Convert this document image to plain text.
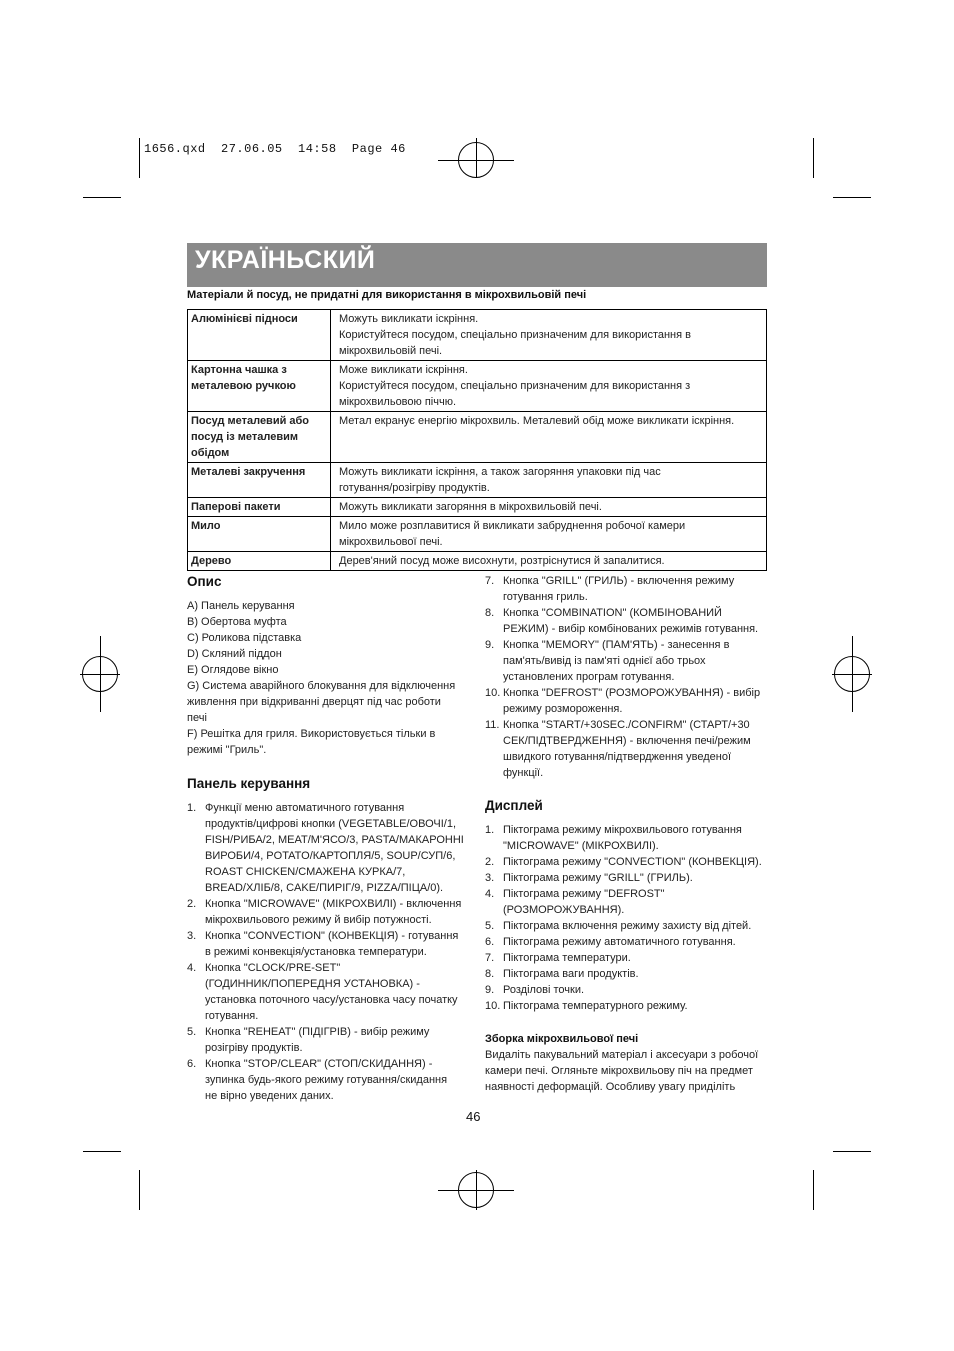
1656.qxd  27.06.05  14:58  Page 46
УКРАЇНЬСКИЙ
Матеріали й посуд, не придатні для використання в мікрохвильовій печі
Алюмінієві підноси	Можуть викликати іскріння.
Користуйтеся посудом, спеціально призначеним для використання в
мікрохвильовій печі.

Картонна чашка з металевою ручкою	Може викликати іскріння.
Користуйтеся посудом, спеціально призначеним для використання з
мікрохвильовою піччю.

Посуд металевий або посуд із металевим обідом	Метал екранує енергію мікрохвиль. Металевий обід може викликати іскріння.

Металеві закручення	Можуть викликати іскріння, а також загоряння упаковки під час
готування/розігріву продуктів.

Паперові пакети	Можуть викликати загоряння в мікрохвильовій печі.

Мило	Мило може розплавитися й викликати забруднення робочої камери
мікрохвильової печі.

Дерево	Дерев'яний посуд може висохнути, розтріснутися й запалитися.
Опис
A) Панель керування
B) Обертова муфта
C) Роликова підставка
D) Скляний піддон
E) Оглядове вікно
G) Система аварійного блокування для відключення
живлення при відкриванні дверцят під час роботи
печі
F) Решітка для гриля. Використовується тільки в
режимі "Гриль".
Панель керування
1. Функції меню автоматичного готування
продуктів/цифрові кнопки (VEGETABLE/ОВОЧІ/1,
FISH/РИБА/2, MEAT/М'ЯСО/3, PASTA/МАКАРОННІ
ВИРОБИ/4, POTATO/КАРТОПЛЯ/5, SOUP/СУП/6,
ROAST CHICKEN/СМАЖЕНА КУРКА/7,
BREAD/ХЛІБ/8, CAKE/ПИРІГ/9, PIZZA/ПІЦА/0).
2. Кнопка "MICROWAVE" (МІКРОХВИЛІ) - включення
мікрохвильового режиму й вибір потужності.
3. Кнопка "CONVECTION" (КОНВЕКЦІЯ) - готування
в режимі конвекція/установка температури.
4. Кнопка "CLOCK/PRE-SET"
(ГОДИННИК/ПОПЕРЕДНЯ УСТАНОВКА) -
установка поточного часу/установка часу початку
готування.
5. Кнопка "REHEAT" (ПІДІГРІВ) - вибір режиму
розігріву продуктів.
6. Кнопка "STOP/CLEAR" (СТОП/СКИДАННЯ) -
зупинка будь-якого режиму готування/скидання
не вірно уведених даних.
7. Кнопка "GRILL" (ГРИЛЬ) - включення режиму
готування гриль.
8. Кнопка "COMBINATION" (КОМБІНОВАНИЙ
РЕЖИМ) - вибір комбінованих режимів готування.
9. Кнопка "MEMORY" (ПАМ'ЯТЬ) - занесення в
пам'ять/вивід із пам'яті однієї або трьох
установлених програм готування.
10. Кнопка "DEFROST" (РОЗМОРОЖУВАННЯ) - вибір
режиму розмороження.
11. Кнопка "START/+30SEC./CONFIRM" (СТАРТ/+30
СЕК/ПІДТВЕРДЖЕННЯ) - включення печі/режим
швидкого готування/підтвердження уведеної
функції.
Дисплей
1. Піктограма режиму мікрохвильового готування
"MICROWAVE" (МІКРОХВИЛІ).
2. Піктограма режиму "CONVECTION" (КОНВЕКЦІЯ).
3. Піктограма режиму "GRILL" (ГРИЛЬ).
4. Піктограма режиму "DEFROST"
(РОЗМОРОЖУВАННЯ).
5. Піктограма включення режиму захисту від дітей.
6. Піктограма режиму автоматичного готування.
7. Піктограма температури.
8. Піктограма ваги продуктів.
9. Розділові точки.
10. Піктограма температурного режиму.
Зборка мікрохвильової печі
Видаліть пакувальний матеріал і аксесуари з робочої
камери печі. Огляньте мікрохвильову піч на предмет
наявності деформацій. Особливу увагу приділіть
46
